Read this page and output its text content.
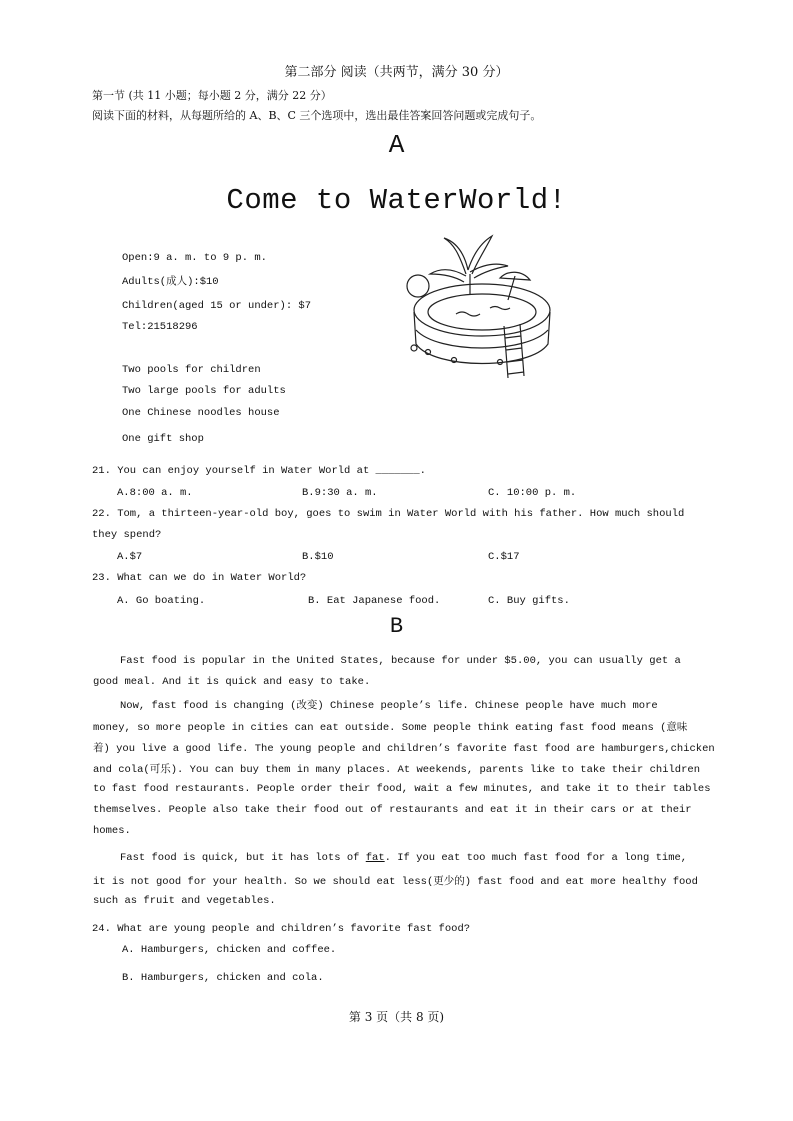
第二部分 阅读（共两节，满分 30 分）
第一节 (共 11 小题；每小题 2 分，满分 22 分）
阅读下面的材料，从每题所给的 A、B、C 三个选项中，选出最佳答案回答问题或完成句子。
A
Come to WaterWorld!
Open:9 a. m. to 9 p. m.
Adults(成人):$10
Children(aged 15 or under): $7
Tel:21518296
Two pools for children
Two large pools for adults
One Chinese noodles house
One gift shop
21. You can enjoy yourself in Water World at _______.
A.8:00 a. m.	B.9:30 a. m.	C. 10:00 p. m.
22. Tom, a thirteen-year-old boy, goes to swim in Water World with his father. How much should
they spend?
A.$7	B.$10	C.$17
23. What can we do in Water World?
A. Go boating.	B. Eat Japanese food.	C. Buy gifts.
B
Fast food is popular in the United States, because for under $5.00, you can usually get a
good meal. And it is quick and easy to take.
Now, fast food is changing (改变) Chinese people’s life. Chinese people have much more
money, so more people in cities can eat outside. Some people think eating fast food means (意味
着) you live a good life. The young people and children’s favorite fast food are hamburgers,chicken
and cola(可乐). You can buy them in many places. At weekends, parents like to take their children
to fast food restaurants. People order their food, wait a few minutes, and take it to their tables
themselves. People also take their food out of restaurants and eat it in their cars or at their
homes.
Fast food is quick, but it has lots of fat. If you eat too much fast food for a long time,
it is not good for your health. So we should eat less(更少的) fast food and eat more healthy food
such as fruit and vegetables.
24. What are young people and children’s favorite fast food?
A. Hamburgers, chicken and coffee.
B. Hamburgers, chicken and cola.
第 3 页（共 8 页)
